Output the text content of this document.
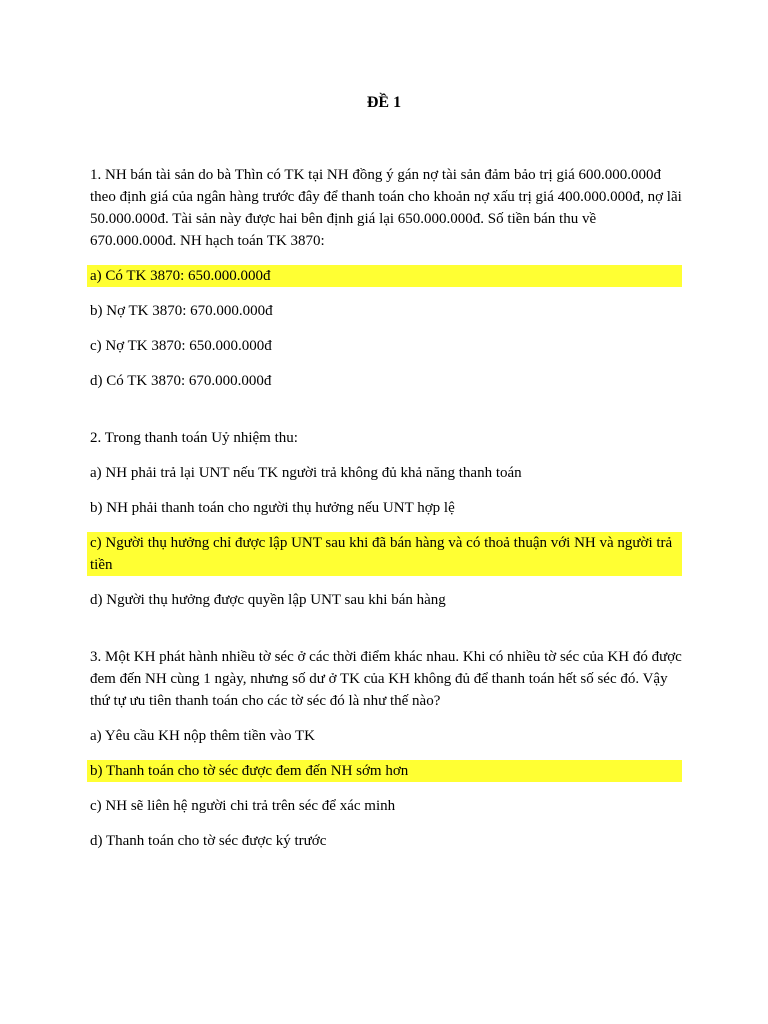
ĐỀ 1

1. NH bán tài sản do bà Thìn có TK tại NH đồng ý gán nợ tài sản đảm bảo trị giá 600.000.000đ theo định giá của ngân hàng trước đây để thanh toán cho khoản nợ xấu trị giá 400.000.000đ, nợ lãi 50.000.000đ. Tài sản này được hai bên định giá lại 650.000.000đ. Số tiền bán thu về 670.000.000đ. NH hạch toán TK 3870:

a) Có TK 3870: 650.000.000đ

b) Nợ TK 3870: 670.000.000đ

c) Nợ TK 3870: 650.000.000đ

d) Có TK 3870: 670.000.000đ

2. Trong thanh toán Uỷ nhiệm thu:

a) NH phải trả lại UNT nếu TK người trả không đủ khả năng thanh toán

b) NH phải thanh toán cho người thụ hưởng nếu UNT hợp lệ

c) Người thụ hưởng chỉ được lập UNT sau khi đã bán hàng và có thoả thuận với NH và người trả tiền

d) Người thụ hưởng được quyền lập UNT sau khi bán hàng

3. Một KH phát hành nhiều tờ séc ở các thời điểm khác nhau. Khi có nhiều tờ séc của KH đó được đem đến NH cùng 1 ngày, nhưng số dư ở TK của KH không đủ để thanh toán hết số séc đó. Vậy thứ tự ưu tiên thanh toán cho các tờ séc đó là như thế nào?

a) Yêu cầu KH nộp thêm tiền vào TK

b) Thanh toán cho tờ séc được đem đến NH sớm hơn

c) NH sẽ liên hệ người chi trả trên séc để xác minh

d) Thanh toán cho tờ séc được ký trước
